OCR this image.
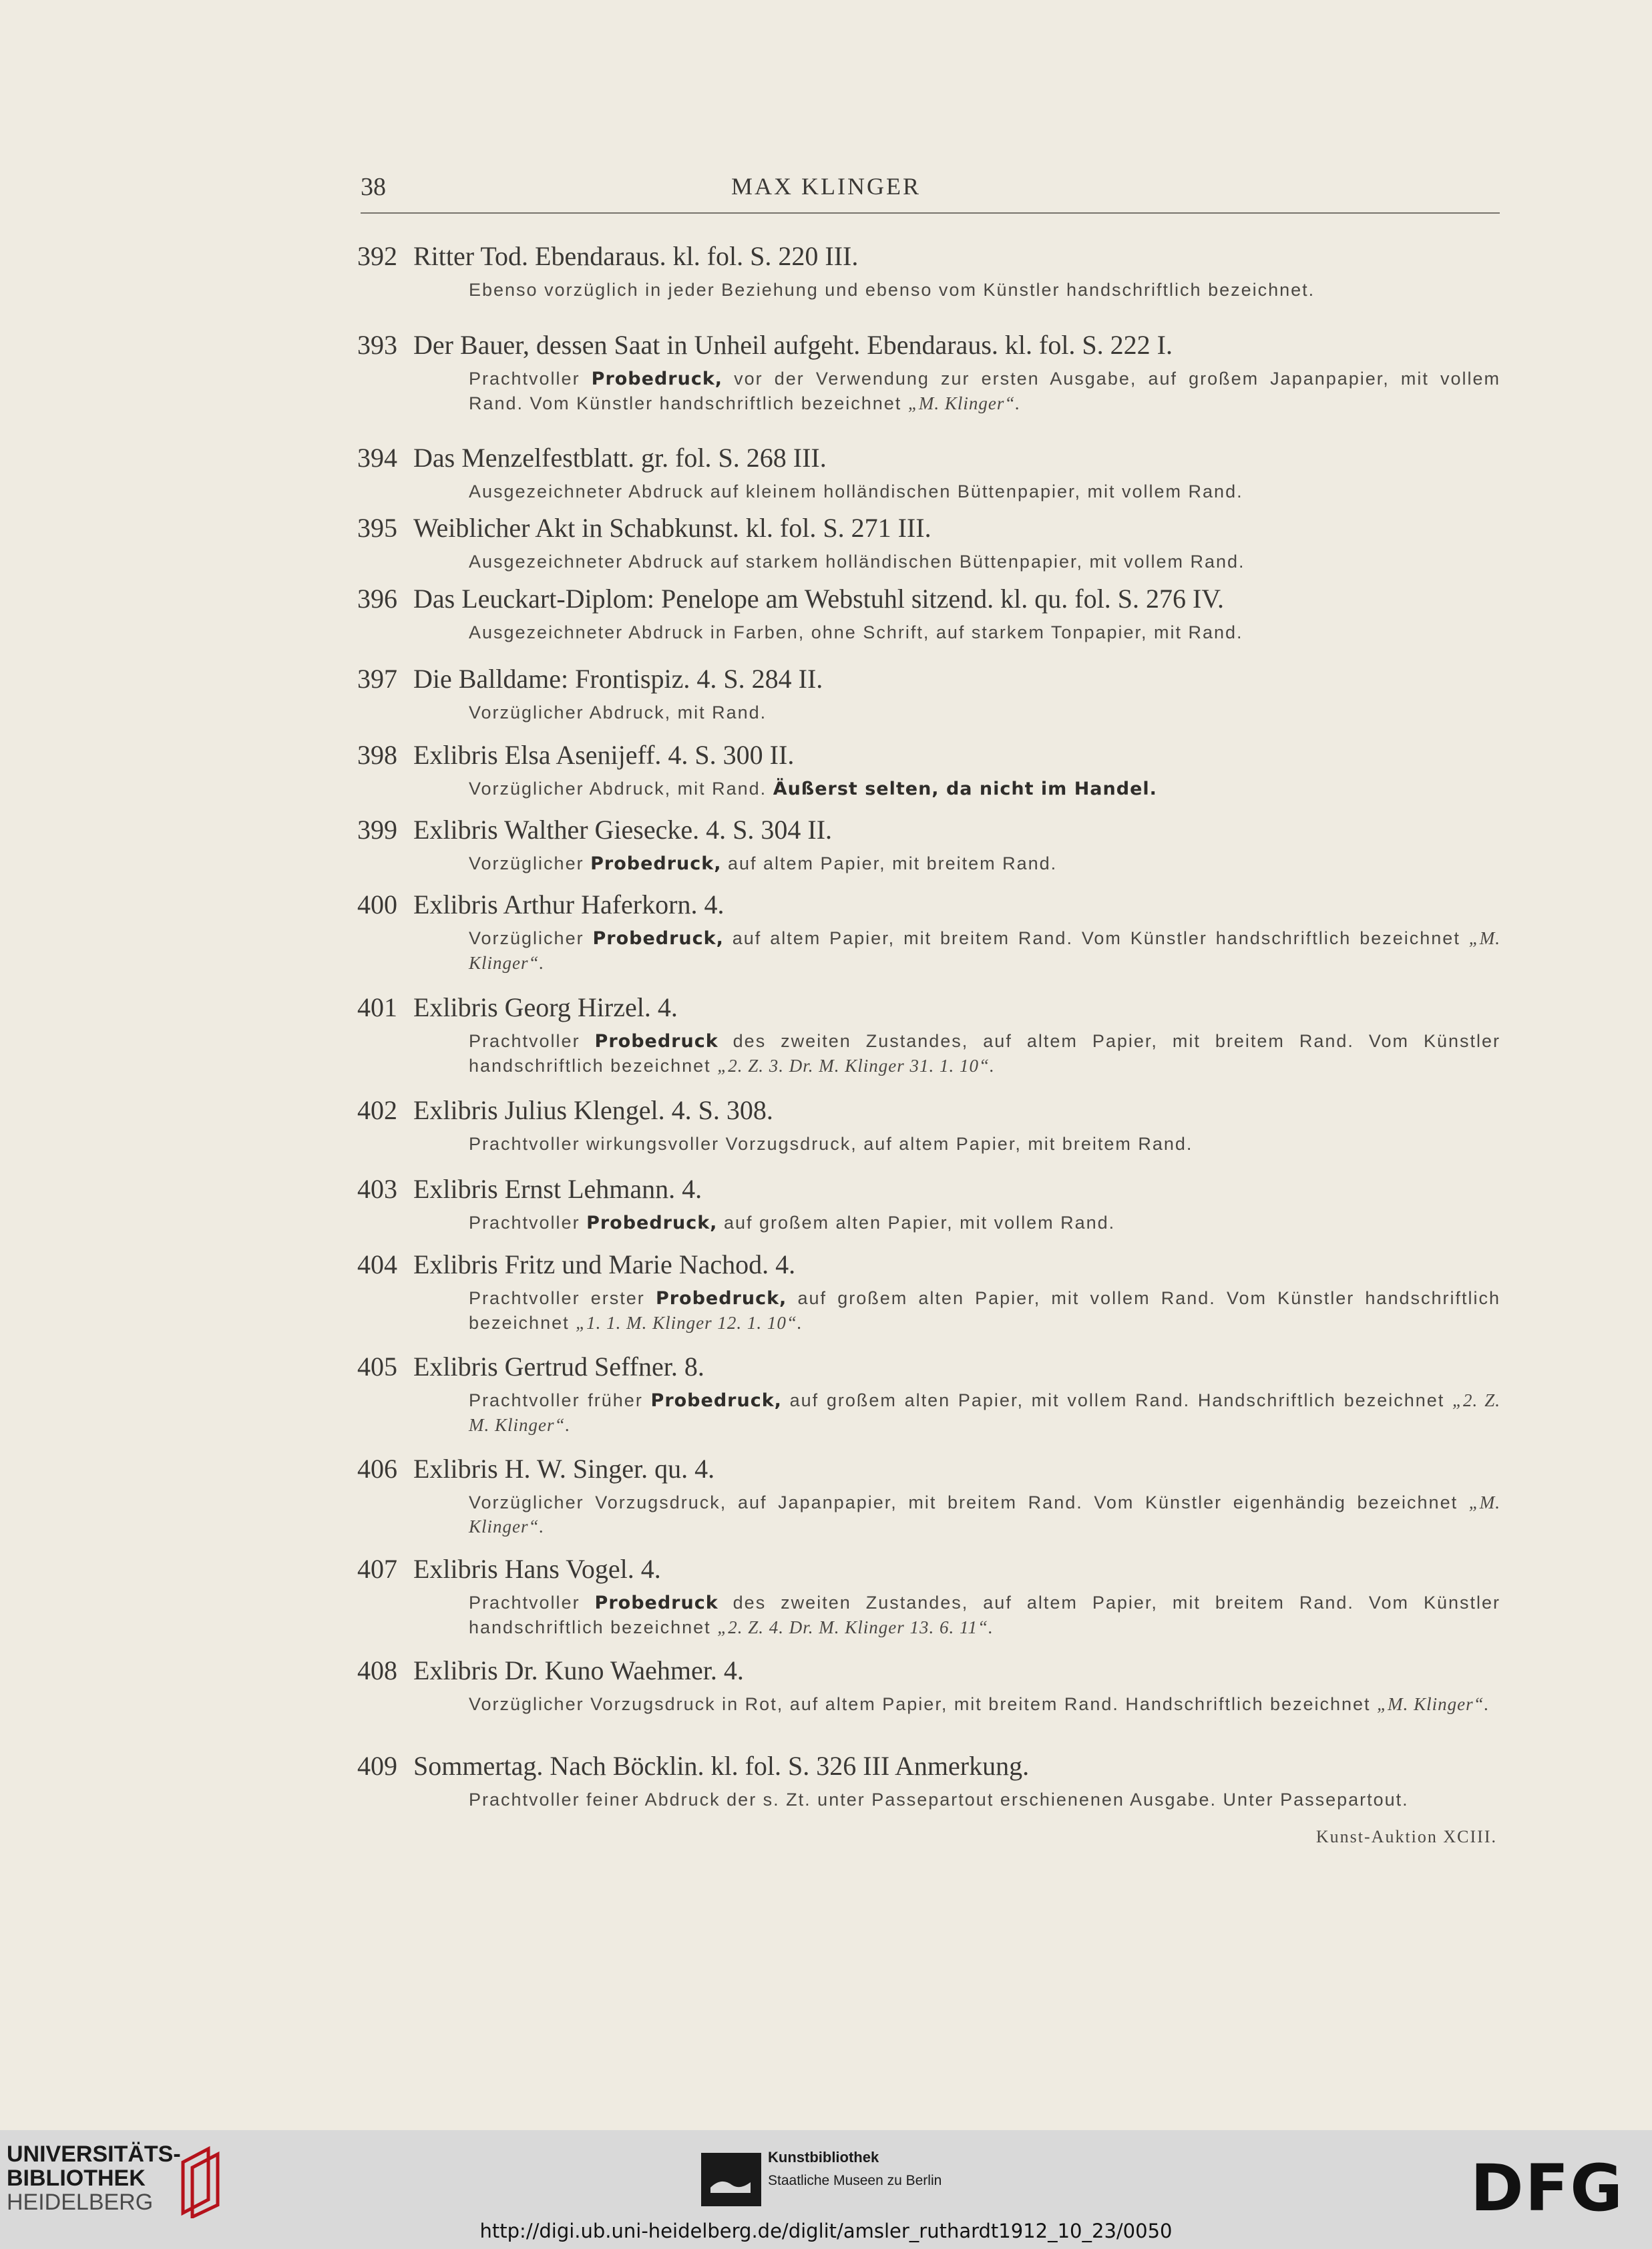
38	MAX KLINGER
392 Ritter Tod. Ebendaraus. kl. fol. S. 220 III.
Ebenso vorzüglich in jeder Beziehung und ebenso vom Künstler handschriftlich bezeichnet.
393 Der Bauer, dessen Saat in Unheil aufgeht. Ebendaraus. kl. fol. S. 222 I.
Prachtvoller Probedruck, vor der Verwendung zur ersten Ausgabe, auf großem Japanpapier, mit vollem Rand. Vom Künstler handschriftlich bezeichnet „M. Klinger“.
394 Das Menzelfestblatt. gr. fol. S. 268 III.
Ausgezeichneter Abdruck auf kleinem holländischen Büttenpapier, mit vollem Rand.
395 Weiblicher Akt in Schabkunst. kl. fol. S. 271 III.
Ausgezeichneter Abdruck auf starkem holländischen Büttenpapier, mit vollem Rand.
396 Das Leuckart-Diplom: Penelope am Webstuhl sitzend. kl. qu. fol. S. 276 IV.
Ausgezeichneter Abdruck in Farben, ohne Schrift, auf starkem Tonpapier, mit Rand.
397 Die Balldame: Frontispiz. 4. S. 284 II.
Vorzüglicher Abdruck, mit Rand.
398 Exlibris Elsa Asenijeff. 4. S. 300 II.
Vorzüglicher Abdruck, mit Rand. Äußerst selten, da nicht im Handel.
399 Exlibris Walther Giesecke. 4. S. 304 II.
Vorzüglicher Probedruck, auf altem Papier, mit breitem Rand.
400 Exlibris Arthur Haferkorn. 4.
Vorzüglicher Probedruck, auf altem Papier, mit breitem Rand. Vom Künstler handschriftlich bezeichnet „M. Klinger“.
401 Exlibris Georg Hirzel. 4.
Prachtvoller Probedruck des zweiten Zustandes, auf altem Papier, mit breitem Rand. Vom Künstler handschriftlich bezeichnet „2. Z. 3. Dr. M. Klinger 31. 1. 10“.
402 Exlibris Julius Klengel. 4. S. 308.
Prachtvoller wirkungsvoller Vorzugsdruck, auf altem Papier, mit breitem Rand.
403 Exlibris Ernst Lehmann. 4.
Prachtvoller Probedruck, auf großem alten Papier, mit vollem Rand.
404 Exlibris Fritz und Marie Nachod. 4.
Prachtvoller erster Probedruck, auf großem alten Papier, mit vollem Rand. Vom Künstler handschriftlich bezeichnet „1. 1. M. Klinger 12. 1. 10“.
405 Exlibris Gertrud Seffner. 8.
Prachtvoller früher Probedruck, auf großem alten Papier, mit vollem Rand. Handschriftlich bezeichnet „2. Z. M. Klinger“.
406 Exlibris H. W. Singer. qu. 4.
Vorzüglicher Vorzugsdruck, auf Japanpapier, mit breitem Rand. Vom Künstler eigenhändig bezeichnet „M. Klinger“.
407 Exlibris Hans Vogel. 4.
Prachtvoller Probedruck des zweiten Zustandes, auf altem Papier, mit breitem Rand. Vom Künstler handschriftlich bezeichnet „2. Z. 4. Dr. M. Klinger 13. 6. 11“.
408 Exlibris Dr. Kuno Waehmer. 4.
Vorzüglicher Vorzugsdruck in Rot, auf altem Papier, mit breitem Rand. Handschriftlich bezeichnet „M. Klinger“.
409 Sommertag. Nach Böcklin. kl. fol. S. 326 III Anmerkung.
Prachtvoller feiner Abdruck der s. Zt. unter Passepartout erschienenen Ausgabe. Unter Passepartout.
Kunst-Auktion XCIII.
UNIVERSITÄTS-
BIBLIOTHEK
HEIDELBERG
Kunstbibliothek
Staatliche Museen zu Berlin	DFG
http://digi.ub.uni-heidelberg.de/diglit/amsler_ruthardt1912_10_23/0050
